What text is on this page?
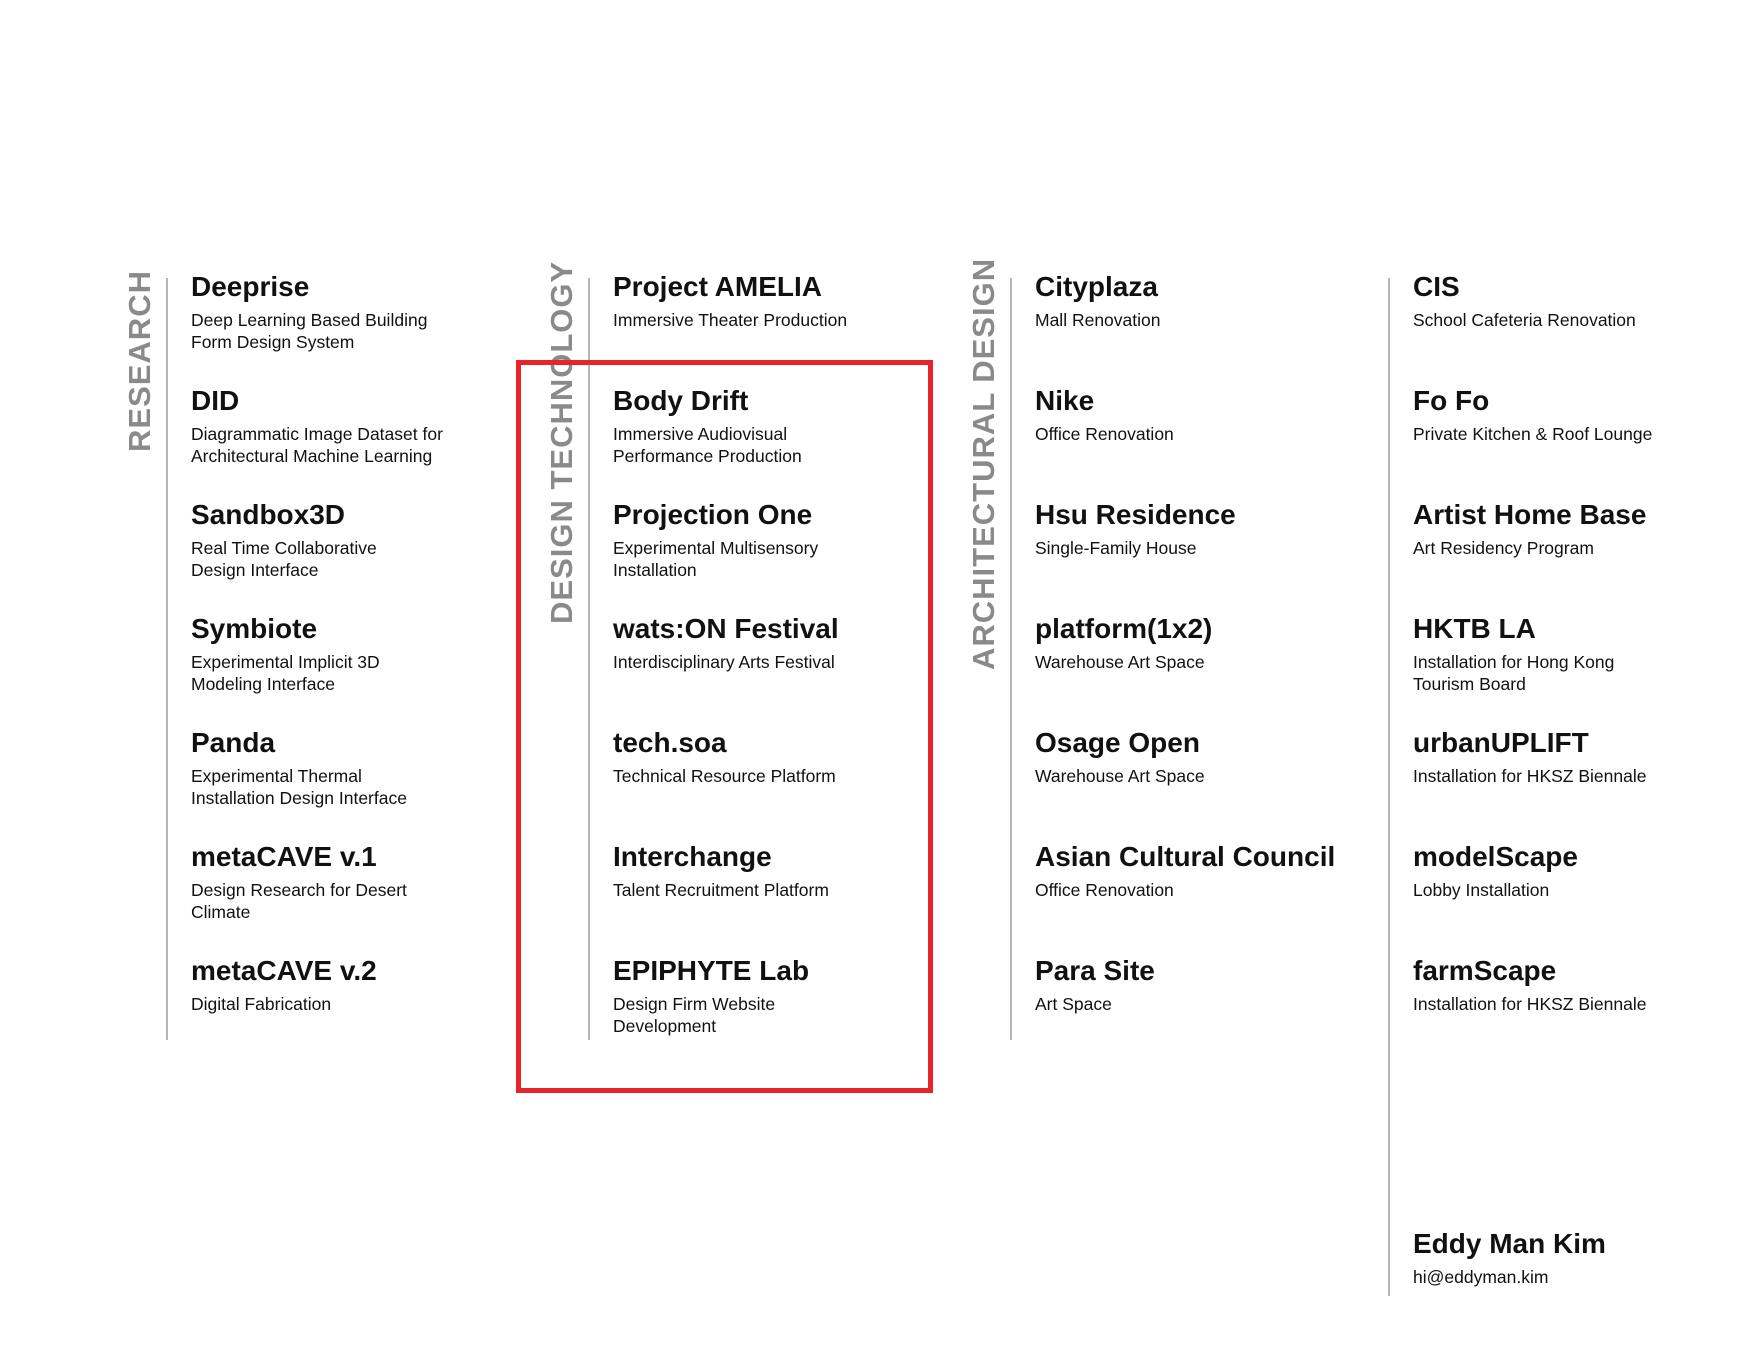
RESEARCH	DESIGN TECHNOLOGY	ARCHITECTURAL DESIGN
Deeprise
Deep Learning Based Building
Form Design System
DID
Diagrammatic Image Dataset for
Architectural Machine Learning
Sandbox3D
Real Time Collaborative
Design Interface
Symbiote
Experimental Implicit 3D
Modeling Interface
Panda
Experimental Thermal
Installation Design Interface
metaCAVE v.1
Design Research for Desert
Climate
metaCAVE v.2
Digital Fabrication
Project AMELIA
Immersive Theater Production
Body Drift
Immersive Audiovisual
Performance Production
Projection One
Experimental Multisensory
Installation
wats:ON Festival
Interdisciplinary Arts Festival
tech.soa
Technical Resource Platform
Interchange
Talent Recruitment Platform
EPIPHYTE Lab
Design Firm Website
Development
Cityplaza
Mall Renovation
Nike
Office Renovation
Hsu Residence
Single-Family House
platform(1x2)
Warehouse Art Space
Osage Open
Warehouse Art Space
Asian Cultural Council
Office Renovation
Para Site
Art Space
CIS
School Cafeteria Renovation
Fo Fo
Private Kitchen & Roof Lounge
Artist Home Base
Art Residency Program
HKTB LA
Installation for Hong Kong
Tourism Board
urbanUPLIFT
Installation for HKSZ Biennale
modelScape
Lobby Installation
farmScape
Installation for HKSZ Biennale
Eddy Man Kim
hi@eddyman.kim
